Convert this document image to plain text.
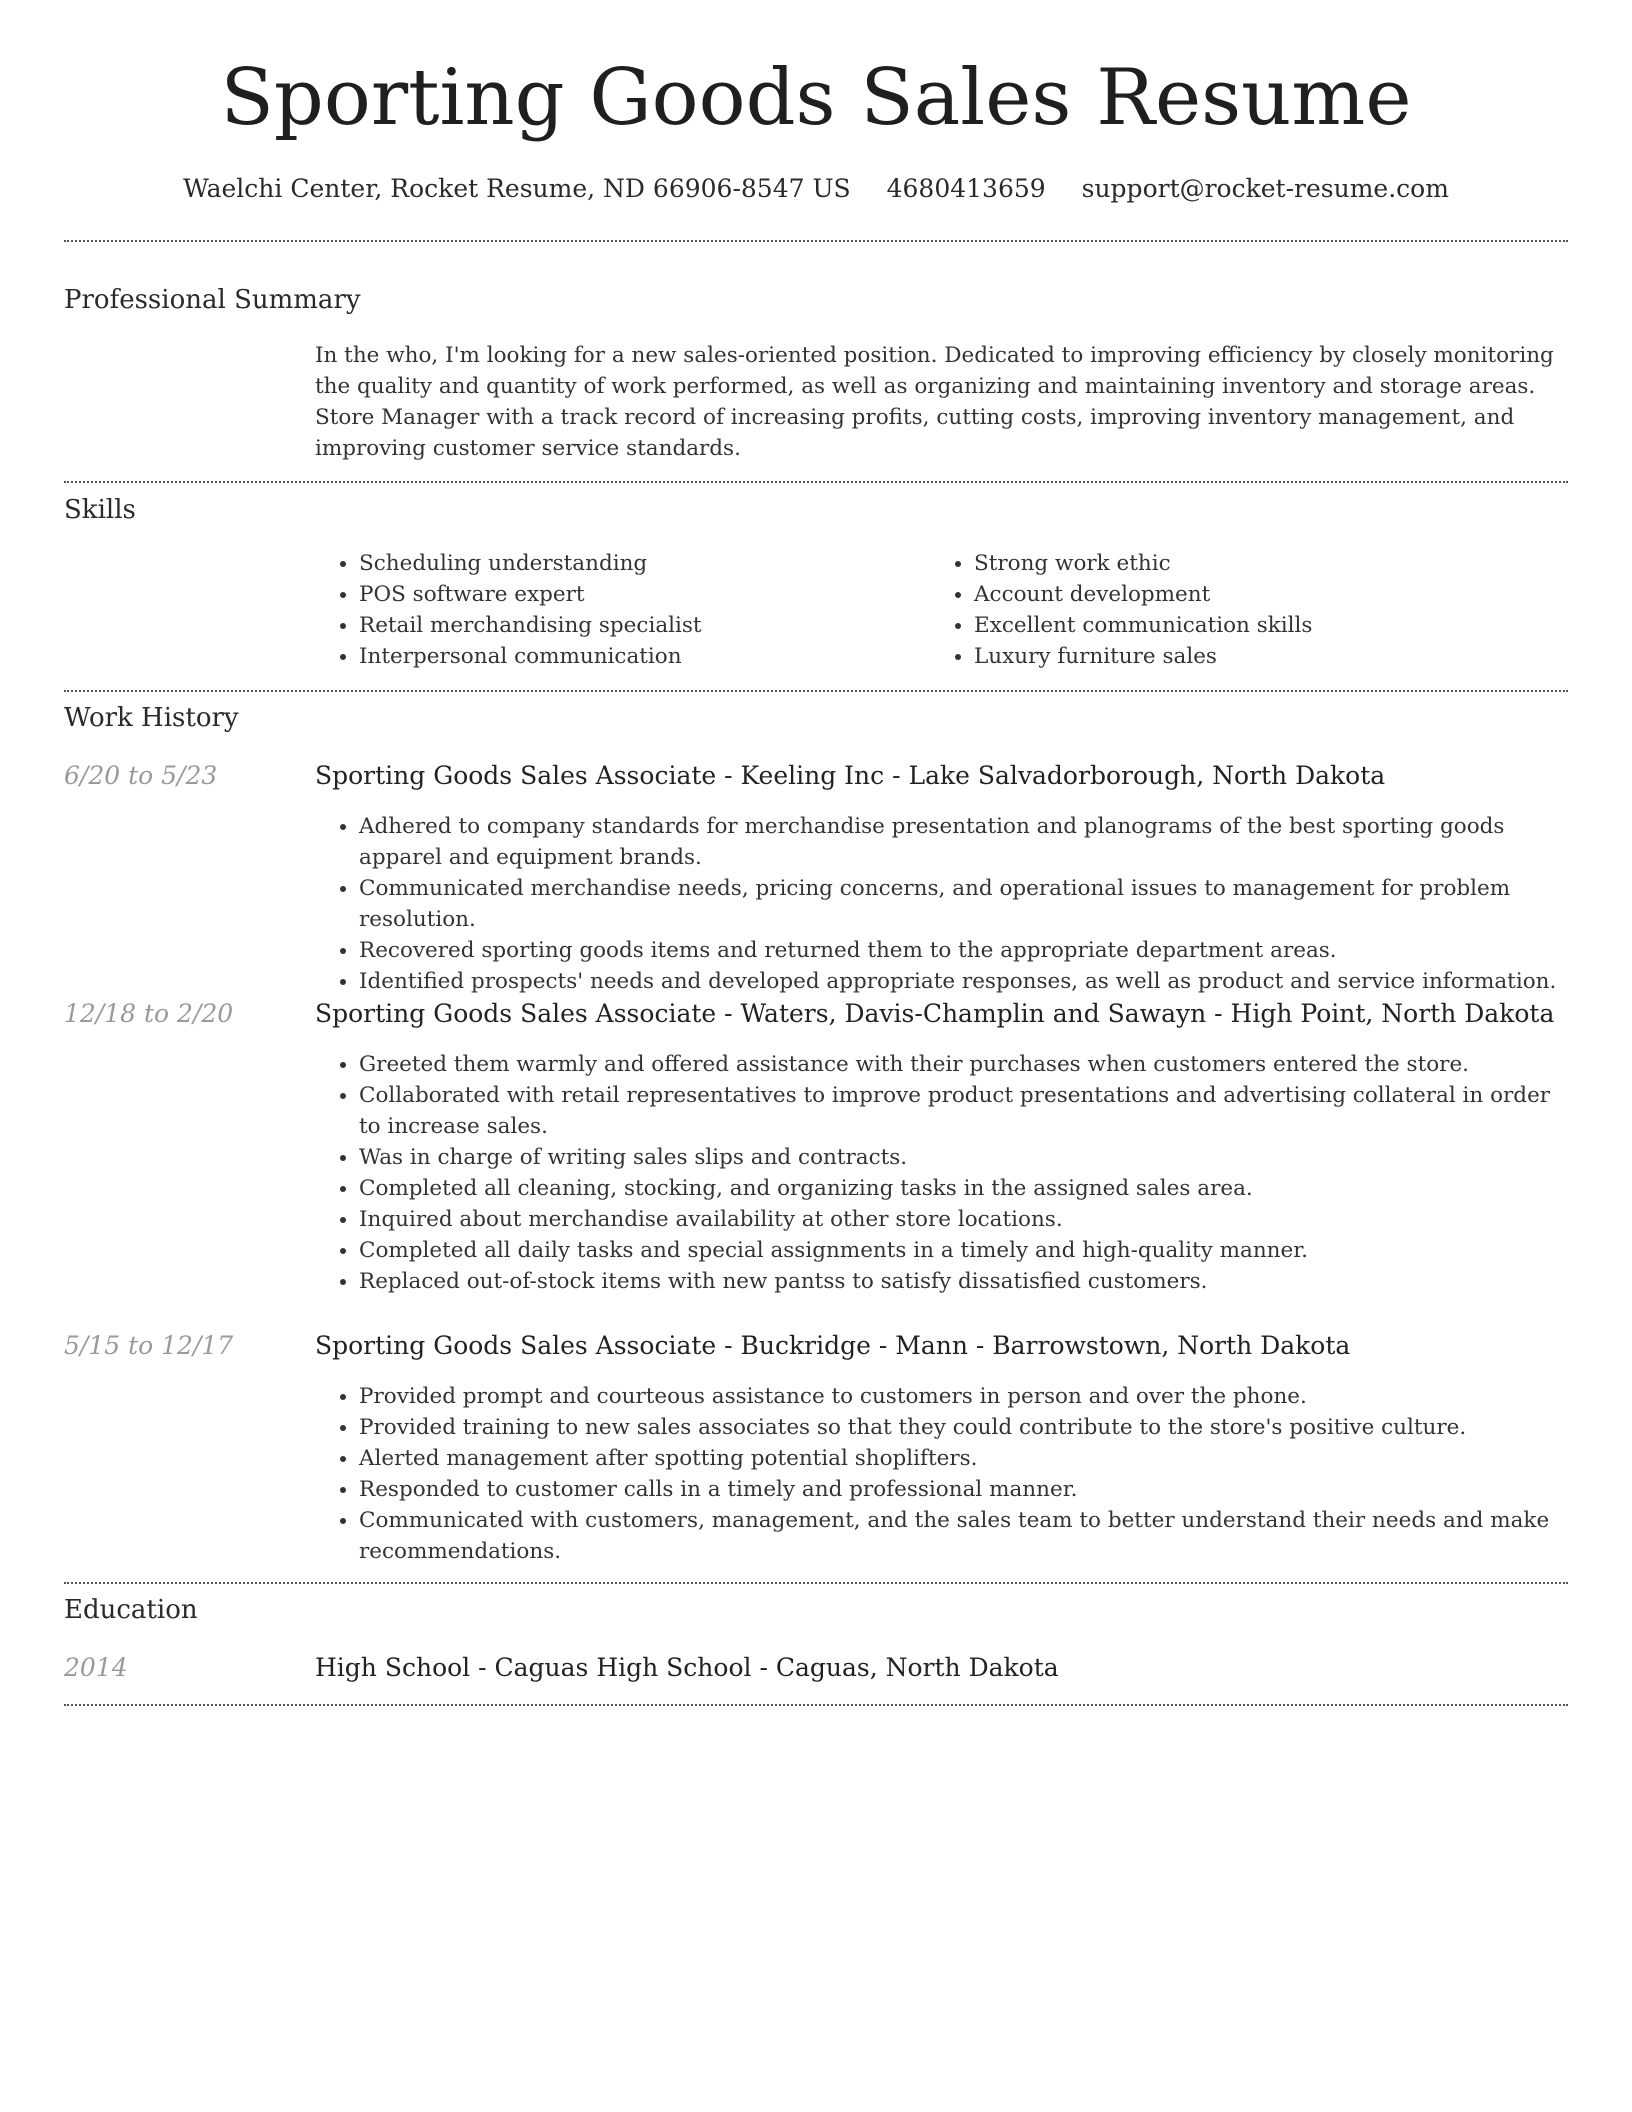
Sporting Goods Sales Resume
Waelchi Center, Rocket Resume, ND 66906-8547 US 4680413659 support@rocket-resume.com
Professional Summary
In the who, I'm looking for a new sales-oriented position. Dedicated to improving efficiency by closely monitoring the quality and quantity of work performed, as well as organizing and maintaining inventory and storage areas. Store Manager with a track record of increasing profits, cutting costs, improving inventory management, and improving customer service standards.
Skills
• Scheduling understanding
• POS software expert
• Retail merchandising specialist
• Interpersonal communication
• Strong work ethic
• Account development
• Excellent communication skills
• Luxury furniture sales
Work History
6/20 to 5/23	Sporting Goods Sales Associate - Keeling Inc - Lake Salvadorborough, North Dakota
• Adhered to company standards for merchandise presentation and planograms of the best sporting goods apparel and equipment brands.
• Communicated merchandise needs, pricing concerns, and operational issues to management for problem resolution.
• Recovered sporting goods items and returned them to the appropriate department areas.
• Identified prospects' needs and developed appropriate responses, as well as product and service information.
12/18 to 2/20	Sporting Goods Sales Associate - Waters, Davis-Champlin and Sawayn - High Point, North Dakota
• Greeted them warmly and offered assistance with their purchases when customers entered the store.
• Collaborated with retail representatives to improve product presentations and advertising collateral in order to increase sales.
• Was in charge of writing sales slips and contracts.
• Completed all cleaning, stocking, and organizing tasks in the assigned sales area.
• Inquired about merchandise availability at other store locations.
• Completed all daily tasks and special assignments in a timely and high-quality manner.
• Replaced out-of-stock items with new pantss to satisfy dissatisfied customers.
5/15 to 12/17	Sporting Goods Sales Associate - Buckridge - Mann - Barrowstown, North Dakota
• Provided prompt and courteous assistance to customers in person and over the phone.
• Provided training to new sales associates so that they could contribute to the store's positive culture.
• Alerted management after spotting potential shoplifters.
• Responded to customer calls in a timely and professional manner.
• Communicated with customers, management, and the sales team to better understand their needs and make recommendations.
Education
2014	High School - Caguas High School - Caguas, North Dakota
